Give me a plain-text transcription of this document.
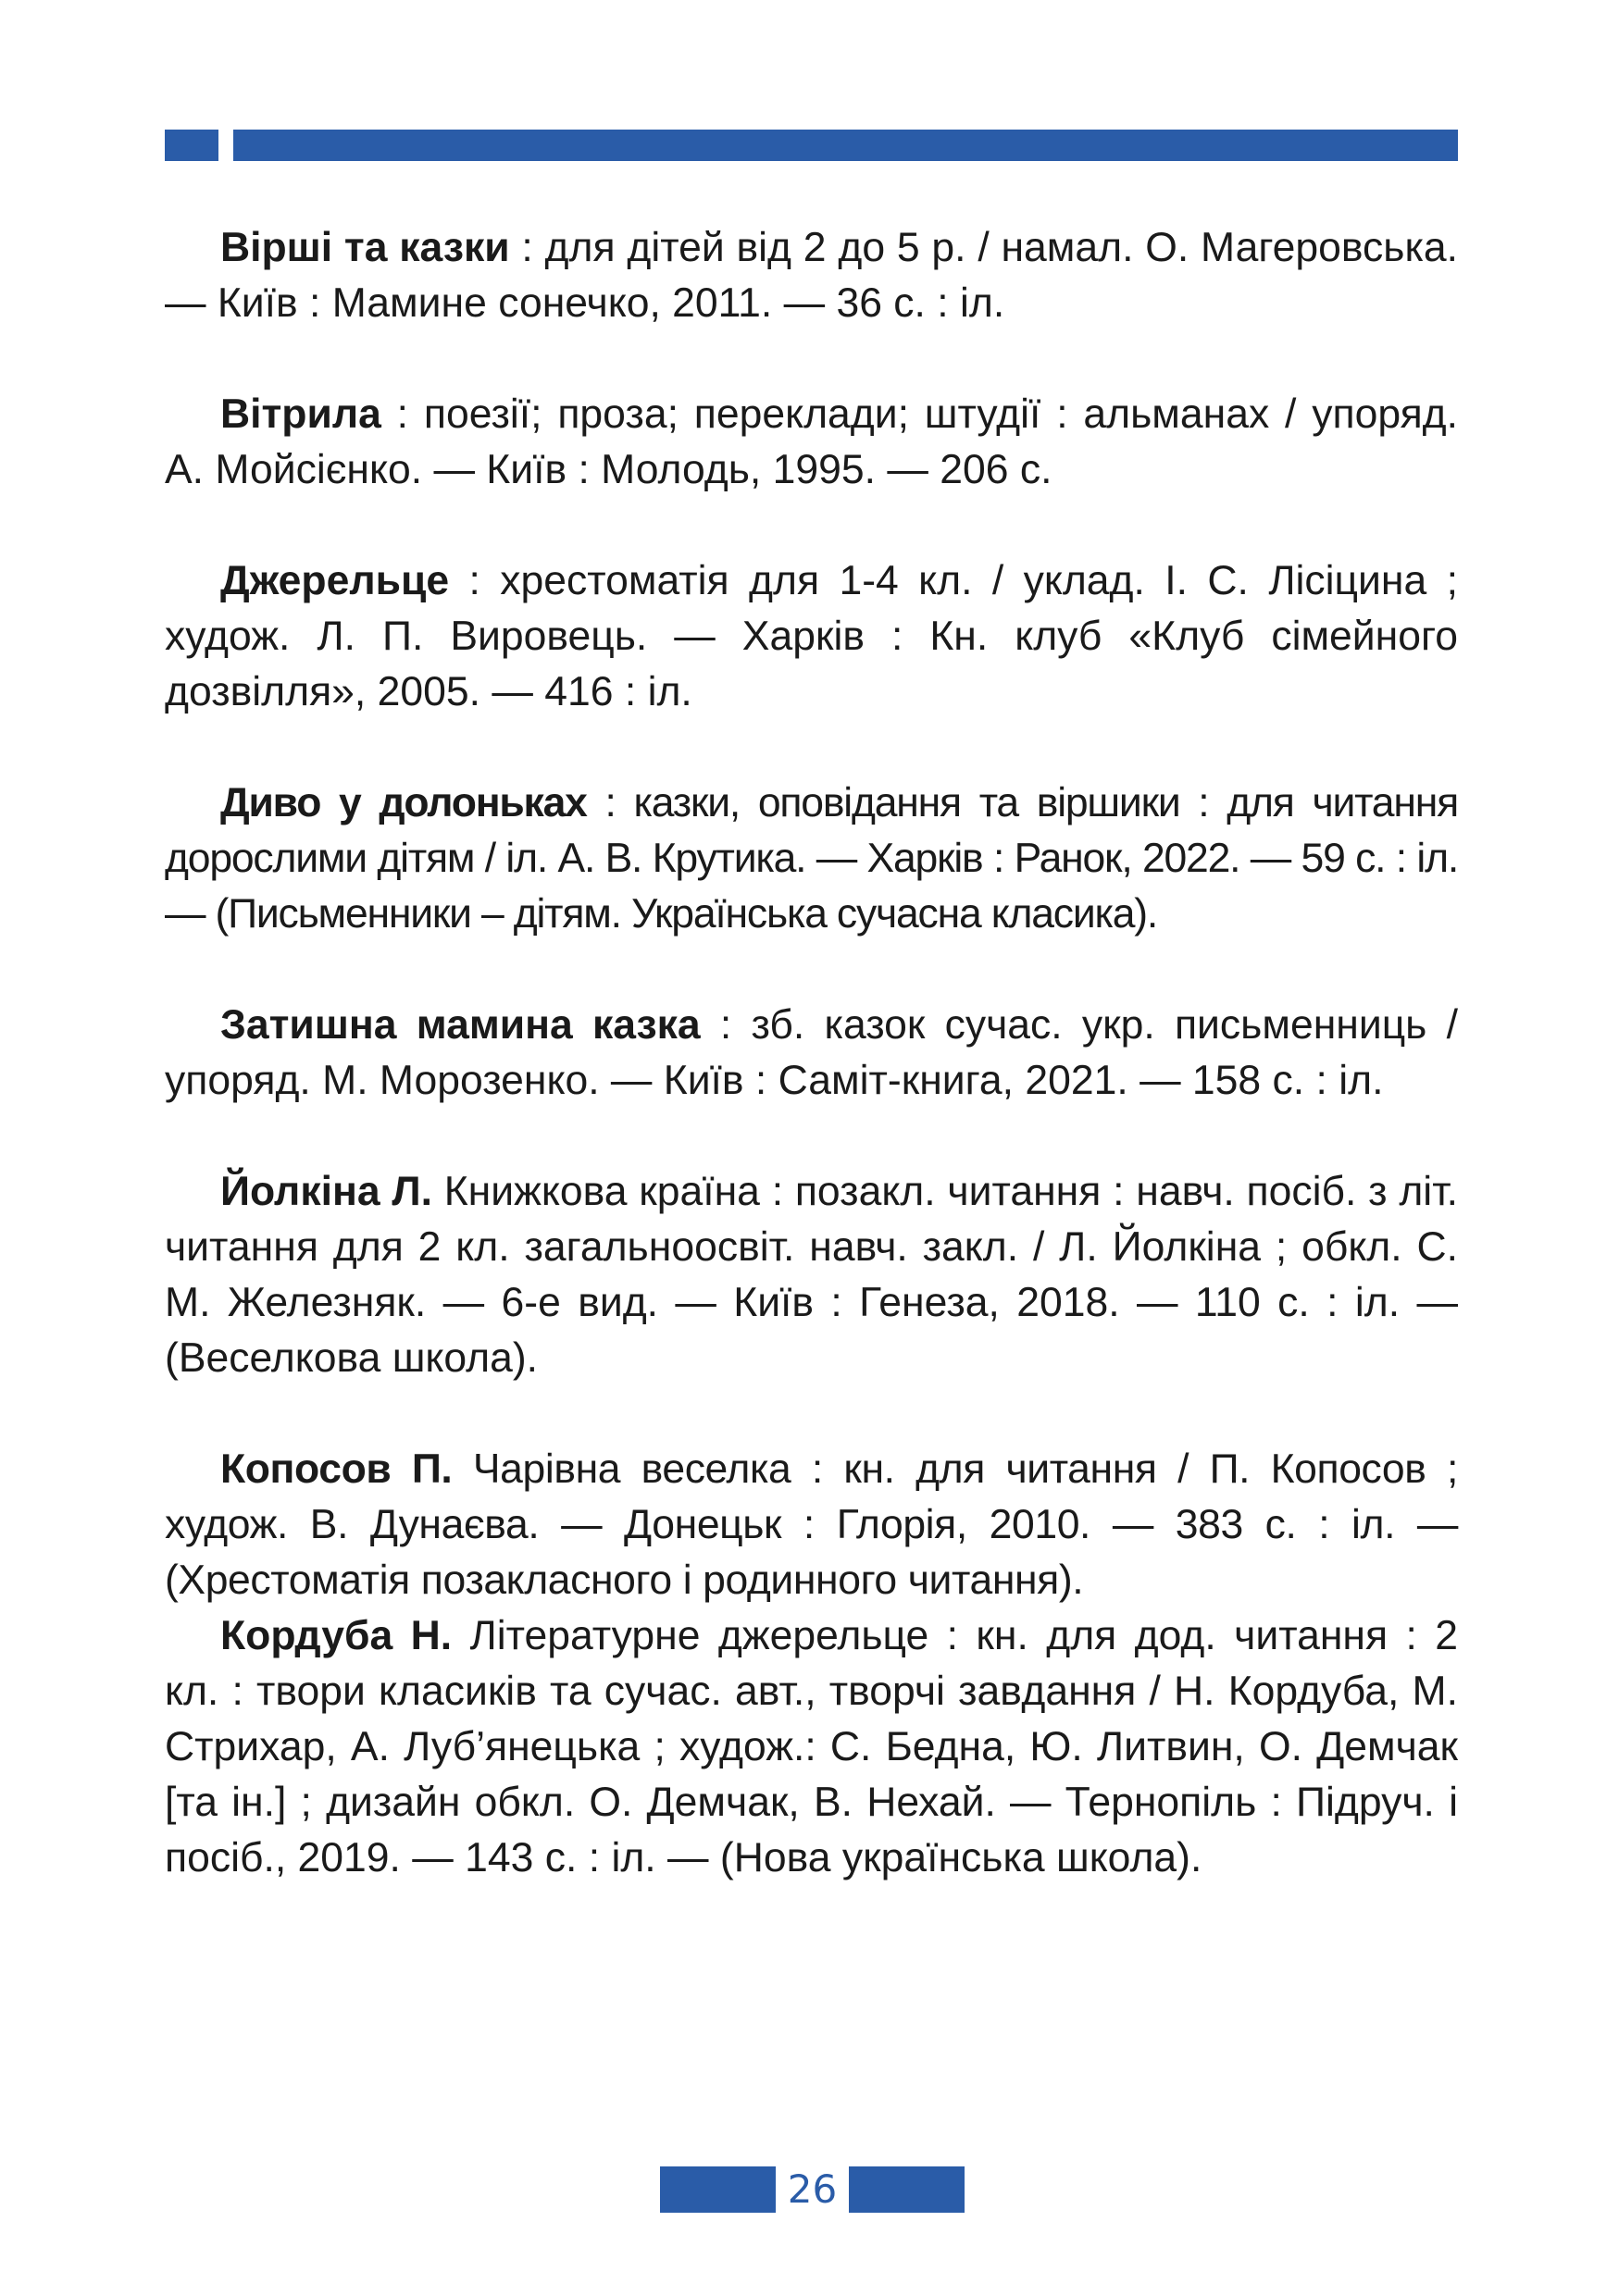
Вірші та казки : для дітей від 2 до 5 р. / намал. О. Магеровська. — Київ : Мамине сонечко, 2011. — 36 с. : іл.

Вітрила : поезії; проза; переклади; штудії : альманах / упоряд. А. Мойсієнко. — Київ : Молодь, 1995. — 206 с.

Джерельце : хрестоматія для 1-4 кл. / уклад. І. С. Лісіцина ; худож. Л. П. Вировець. — Харків : Кн. клуб «Клуб сімейного дозвілля», 2005. — 416 : іл.

Диво у долоньках : казки, оповідання та віршики : для читання дорослими дітям / іл. А. В. Крутика. — Харків : Ранок, 2022. — 59 с. : іл. — (Письменники – дітям. Українська сучасна класика).

Затишна мамина казка : зб. казок сучас. укр. письменниць / упоряд. М. Морозенко. — Київ : Саміт-книга, 2021. — 158 с. : іл.

Йолкіна Л. Книжкова країна : позакл. читання : навч. посіб. з літ. читання для 2 кл. загальноосвіт. навч. закл. / Л. Йолкіна ; обкл. С. М. Железняк. — 6-е вид. — Київ : Генеза, 2018. — 110 с. : іл. — (Веселкова школа).

Копосов П. Чарівна веселка : кн. для читання / П. Копосов ; худож. В. Дунаєва. — Донецьк : Глорія, 2010. — 383 с. : іл. — (Хрестоматія позакласного і родинного читання).

Кордуба Н. Літературне джерельце : кн. для дод. читання : 2 кл. : твори класиків та сучас. авт., творчі завдання / Н. Кордуба, М. Стрихар, А. Луб’янецька ; худож.: С. Бедна, Ю. Литвин, О. Демчак [та ін.] ; дизайн обкл. О. Демчак, В. Нехай. — Тернопіль : Підруч. і посіб., 2019. — 143 с. : іл. — (Нова українська школа).

26
